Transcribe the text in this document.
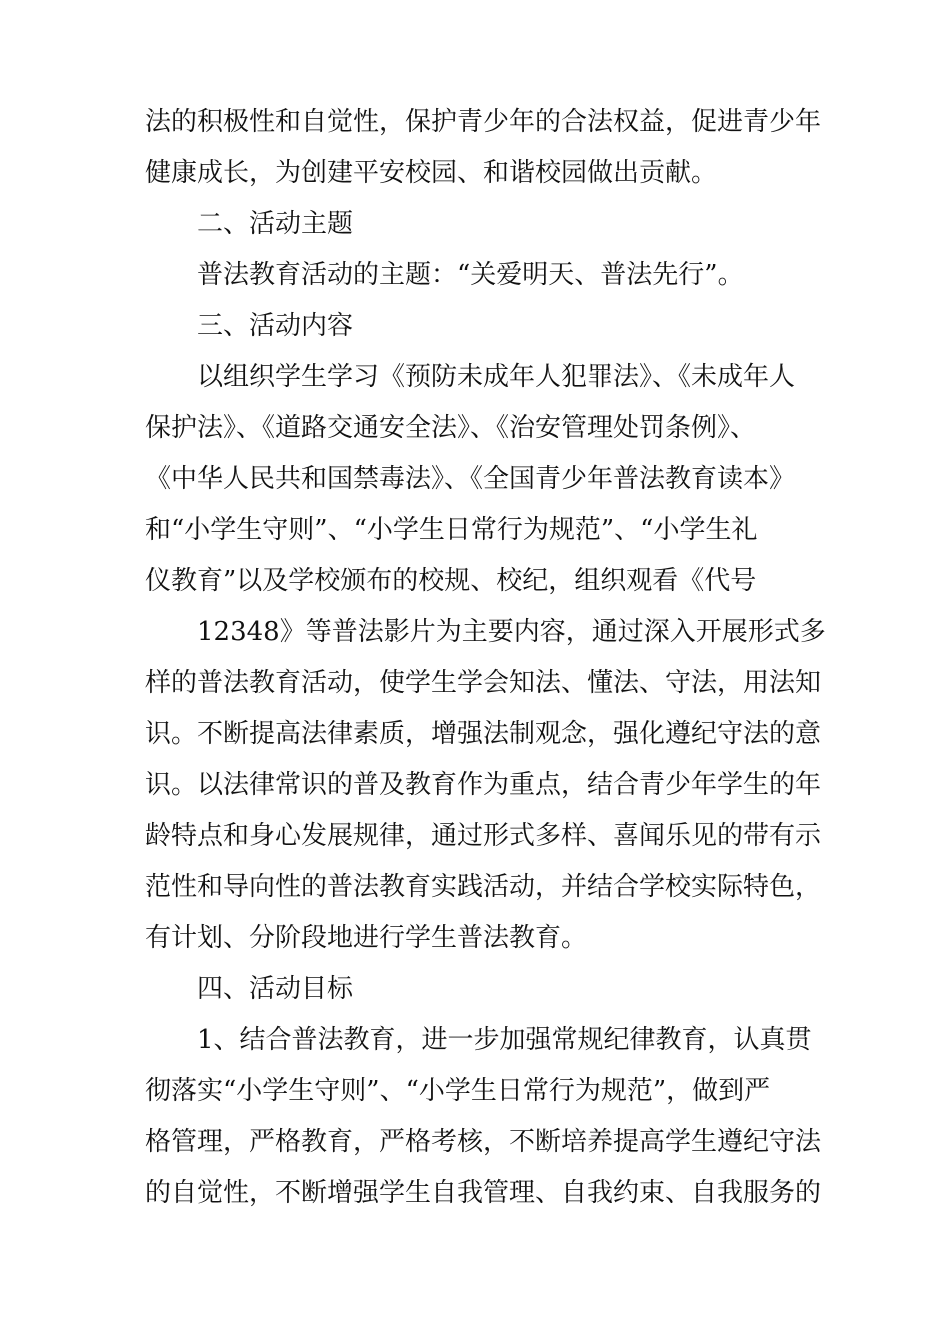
法的积极性和自觉性，保护青少年的合法权益，促进青少年
健康成长，为创建平安校园、和谐校园做出贡献。
二、活动主题
普法教育活动的主题：“关爱明天、普法先行”。
三、活动内容
以组织学生学习《预防未成年人犯罪法》、《未成年人
保护法》、《道路交通安全法》、《治安管理处罚条例》、
《中华人民共和国禁毒法》、《全国青少年普法教育读本》
和“小学生守则”、“小学生日常行为规范”、“小学生礼
仪教育”以及学校颁布的校规、校纪，组织观看《代号
12348》等普法影片为主要内容，通过深入开展形式多
样的普法教育活动，使学生学会知法、懂法、守法，用法知
识。不断提高法律素质，增强法制观念，强化遵纪守法的意
识。以法律常识的普及教育作为重点，结合青少年学生的年
龄特点和身心发展规律，通过形式多样、喜闻乐见的带有示
范性和导向性的普法教育实践活动，并结合学校实际特色，
有计划、分阶段地进行学生普法教育。
四、活动目标
1、结合普法教育，进一步加强常规纪律教育，认真贯
彻落实“小学生守则”、“小学生日常行为规范”，做到严
格管理，严格教育，严格考核，不断培养提高学生遵纪守法
的自觉性，不断增强学生自我管理、自我约束、自我服务的
